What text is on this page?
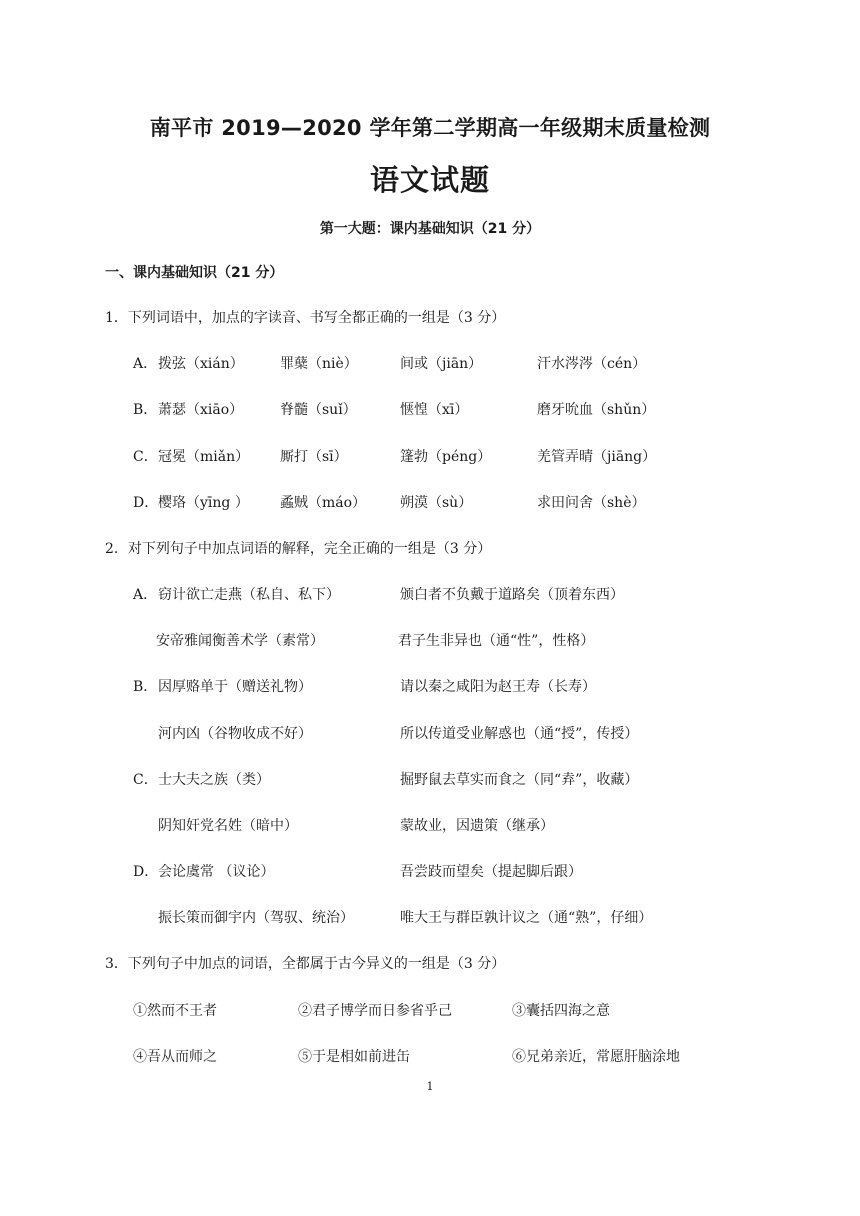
南平市 2019—2020 学年第二学期高一年级期末质量检测
语文试题
第一大题：课内基础知识（21 分）
一、课内基础知识（21 分）
1．下列词语中，加点的字读音、书写全都正确的一组是（3 分）
A． 拨弦（xián）	罪蘖（niè）	间或（jiān）	汗水涔涔（cén）
B． 萧瑟（xiāo）	脊髓（suǐ）	惬惶（xī）	磨牙吮血（shǔn）
C． 冠冕（miǎn） 厮打（sī）	篷勃（péng）	羌管弄晴（jiāng）
D． 樱珞（yīng ） 蟊贼（máo） 朔漠（sù）	求田问舍（shè）
2．对下列句子中加点词语的解释，完全正确的一组是（3 分）
A． 窃计欲亡走燕（私自、私下）	颁白者不负戴于道路矣（顶着东西）
安帝雅闻衡善术学（素常）	君子生非异也（通“性”，性格）
B． 因厚赂单于（赠送礼物）	请以秦之咸阳为赵王寿（长寿）
河内凶（谷物收成不好）	所以传道受业解惑也（通“授”，传授）
C． 士大夫之族（类）	掘野鼠去草实而食之（同“弆”，收藏）
阴知奸党名姓（暗中）	蒙故业，因遗策（继承）
D． 会论虞常 （议论）	吾尝跂而望矣（提起脚后跟）
振长策而御宇内（驾驭、统治）	唯大王与群臣孰计议之（通“熟”，仔细）
3．下列句子中加点的词语，全都属于古今异义的一组是（3 分）
①然而不王者	②君子博学而日参省乎己	③囊括四海之意
④吾从而师之	⑤于是相如前进缶	⑥兄弟亲近，常愿肝脑涂地
1
